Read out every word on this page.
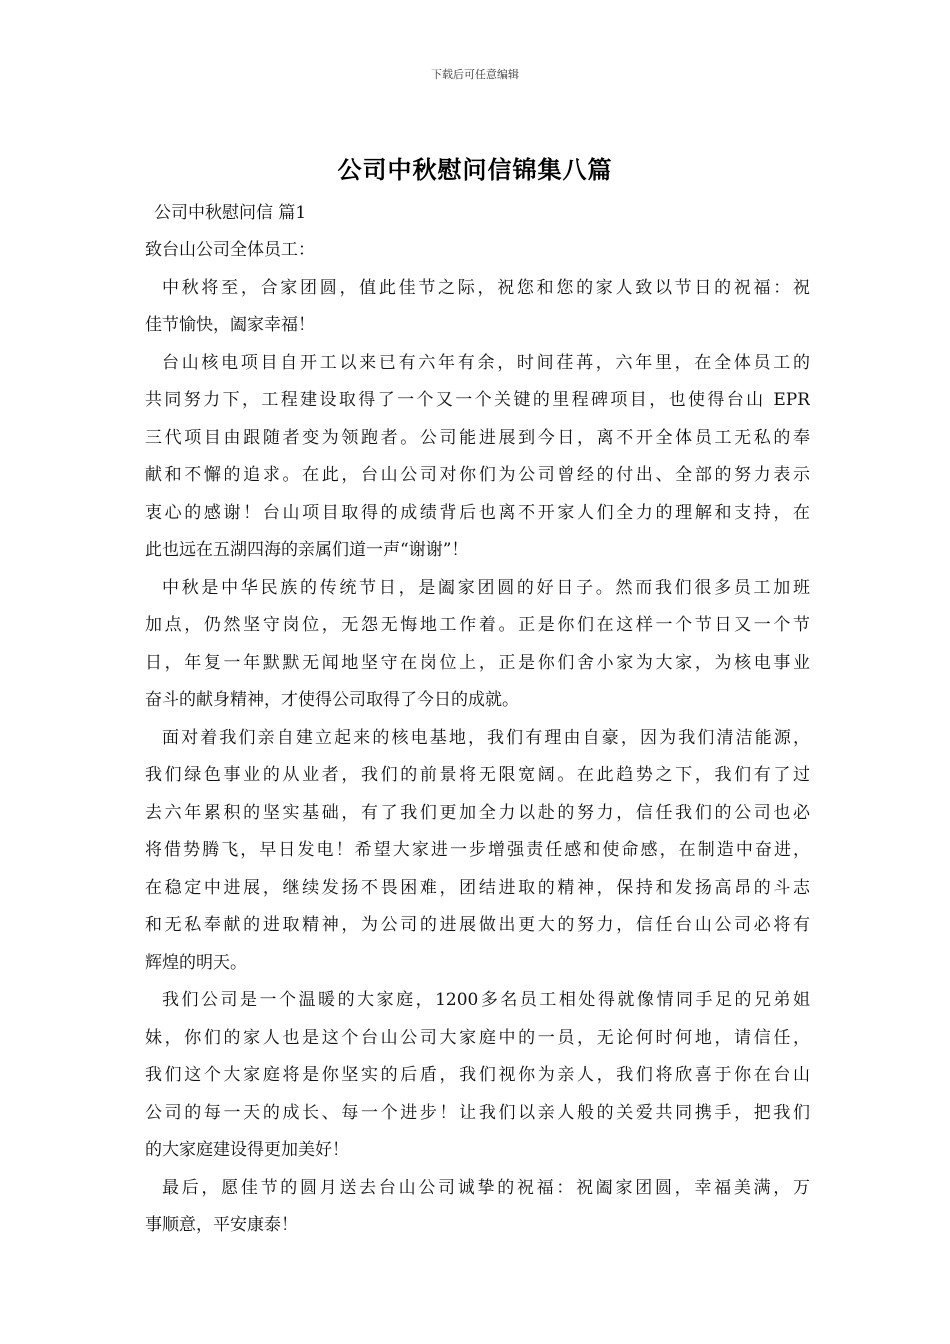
下载后可任意编辑
公司中秋慰问信锦集八篇
公司中秋慰问信 篇1
致台山公司全体员工：
中秋将至，合家团圆，值此佳节之际，祝您和您的家人致以节日的祝福：祝
佳节愉快，阖家幸福！
台山核电项目自开工以来已有六年有余，时间荏苒，六年里，在全体员工的
共同努力下，工程建设取得了一个又一个关键的里程碑项目，也使得台山 EPR
三代项目由跟随者变为领跑者。公司能进展到今日，离不开全体员工无私的奉
献和不懈的追求。在此，台山公司对你们为公司曾经的付出、全部的努力表示
衷心的感谢！台山项目取得的成绩背后也离不开家人们全力的理解和支持，在
此也远在五湖四海的亲属们道一声“谢谢”！
中秋是中华民族的传统节日，是阖家团圆的好日子。然而我们很多员工加班
加点，仍然坚守岗位，无怨无悔地工作着。正是你们在这样一个节日又一个节
日，年复一年默默无闻地坚守在岗位上，正是你们舍小家为大家，为核电事业
奋斗的献身精神，才使得公司取得了今日的成就。
面对着我们亲自建立起来的核电基地，我们有理由自豪，因为我们清洁能源，
我们绿色事业的从业者，我们的前景将无限宽阔。在此趋势之下，我们有了过
去六年累积的坚实基础，有了我们更加全力以赴的努力，信任我们的公司也必
将借势腾飞，早日发电！希望大家进一步增强责任感和使命感，在制造中奋进，
在稳定中进展，继续发扬不畏困难，团结进取的精神，保持和发扬高昂的斗志
和无私奉献的进取精神，为公司的进展做出更大的努力，信任台山公司必将有
辉煌的明天。
我们公司是一个温暖的大家庭，1200多名员工相处得就像情同手足的兄弟姐
妹，你们的家人也是这个台山公司大家庭中的一员，无论何时何地，请信任，
我们这个大家庭将是你坚实的后盾，我们视你为亲人，我们将欣喜于你在台山
公司的每一天的成长、每一个进步！让我们以亲人般的关爱共同携手，把我们
的大家庭建设得更加美好！
最后，愿佳节的圆月送去台山公司诚挚的祝福：祝阖家团圆，幸福美满，万
事顺意，平安康泰！
